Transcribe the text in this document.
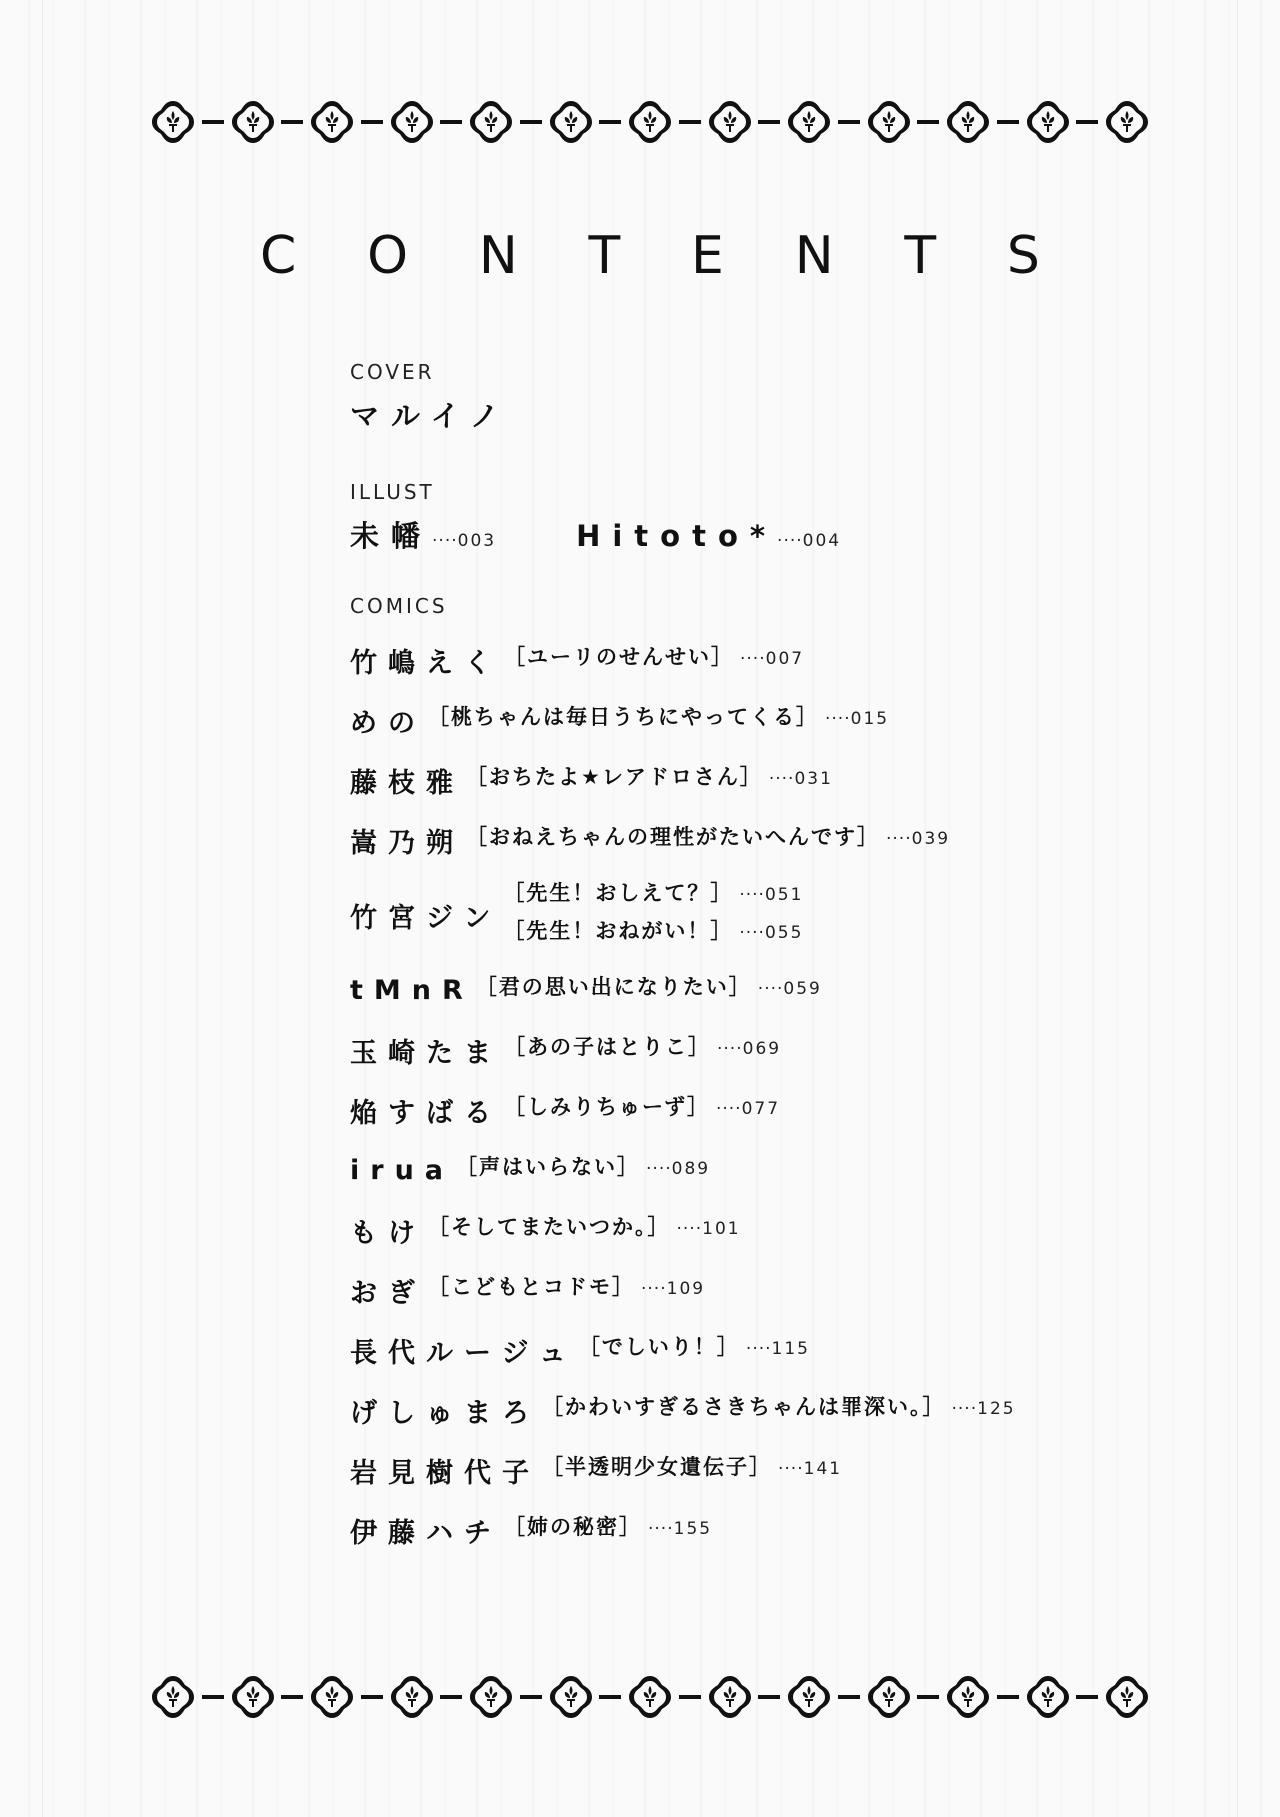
C O N T E N T S
COVER
マルイノ
ILLUST
未幡 ····003	Hitoto* ····004
COMICS
竹嶋えく ［ユーリのせんせい］ ····007
めの ［桃ちゃんは毎日うちにやってくる］ ····015
藤枝雅 ［おちたよ★レアドロさん］ ····031
嵩乃朔 ［おねえちゃんの理性がたいへんです］ ····039
竹宮ジン
［先生！おしえて？］ ····051
［先生！おねがい！］ ····055
tMnR ［君の思い出になりたい］ ····059
玉崎たま ［あの子はとりこ］ ····069
焔すばる ［しみりちゅーず］ ····077
irua ［声はいらない］ ····089
もけ ［そしてまたいつか。］ ····101
おぎ ［こどもとコドモ］ ····109
長代ルージュ ［でしいり！］ ····115
げしゅまろ ［かわいすぎるさきちゃんは罪深い。］ ····125
岩見樹代子 ［半透明少女遺伝子］ ····141
伊藤ハチ ［姉の秘密］ ····155
